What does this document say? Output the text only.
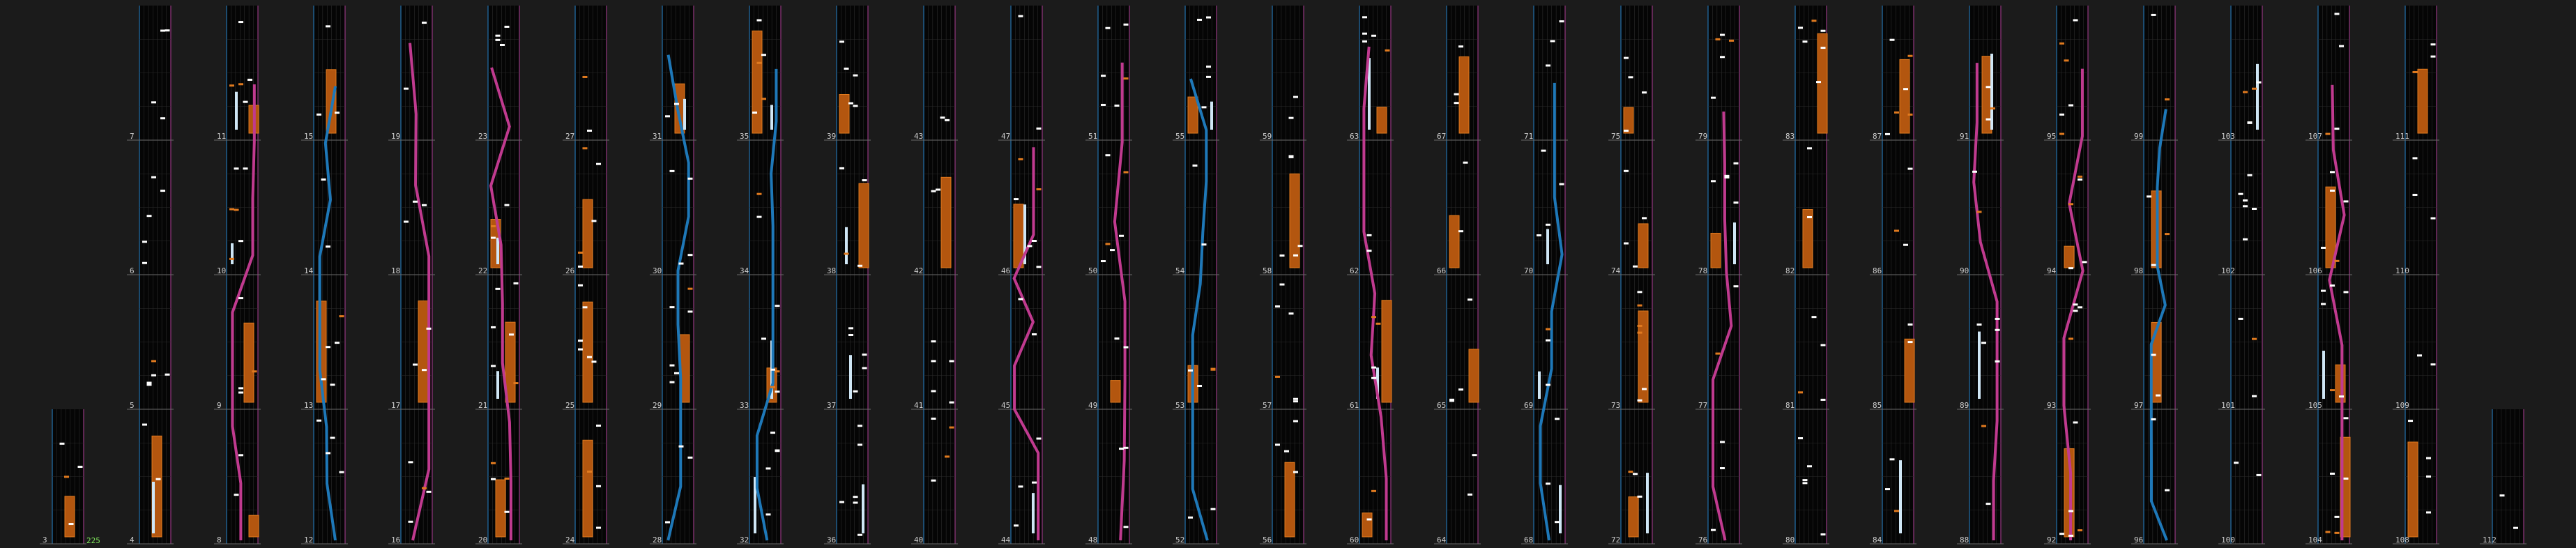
3	4
5
6
7
8
9
10
11
12
13
14
15
16
17
18
19
20
21
22
23
24
25
26
27
28
29
30
31
32
33
34
35
36
37
38
39
40
41
42
43
44
45
46
47
48
49
50
51
52
53
54
55
56
57
58
59
60
61
62
63
64
65
66
67
68
69
70
71
72
73
74
75
76
77
78
79
80
81
82
83
84
85
86
87
88
89
90
91
92
93
94
95
96
97
98
99
100
101
102
103
104
105
106
107
108
109
110
111
112
225
